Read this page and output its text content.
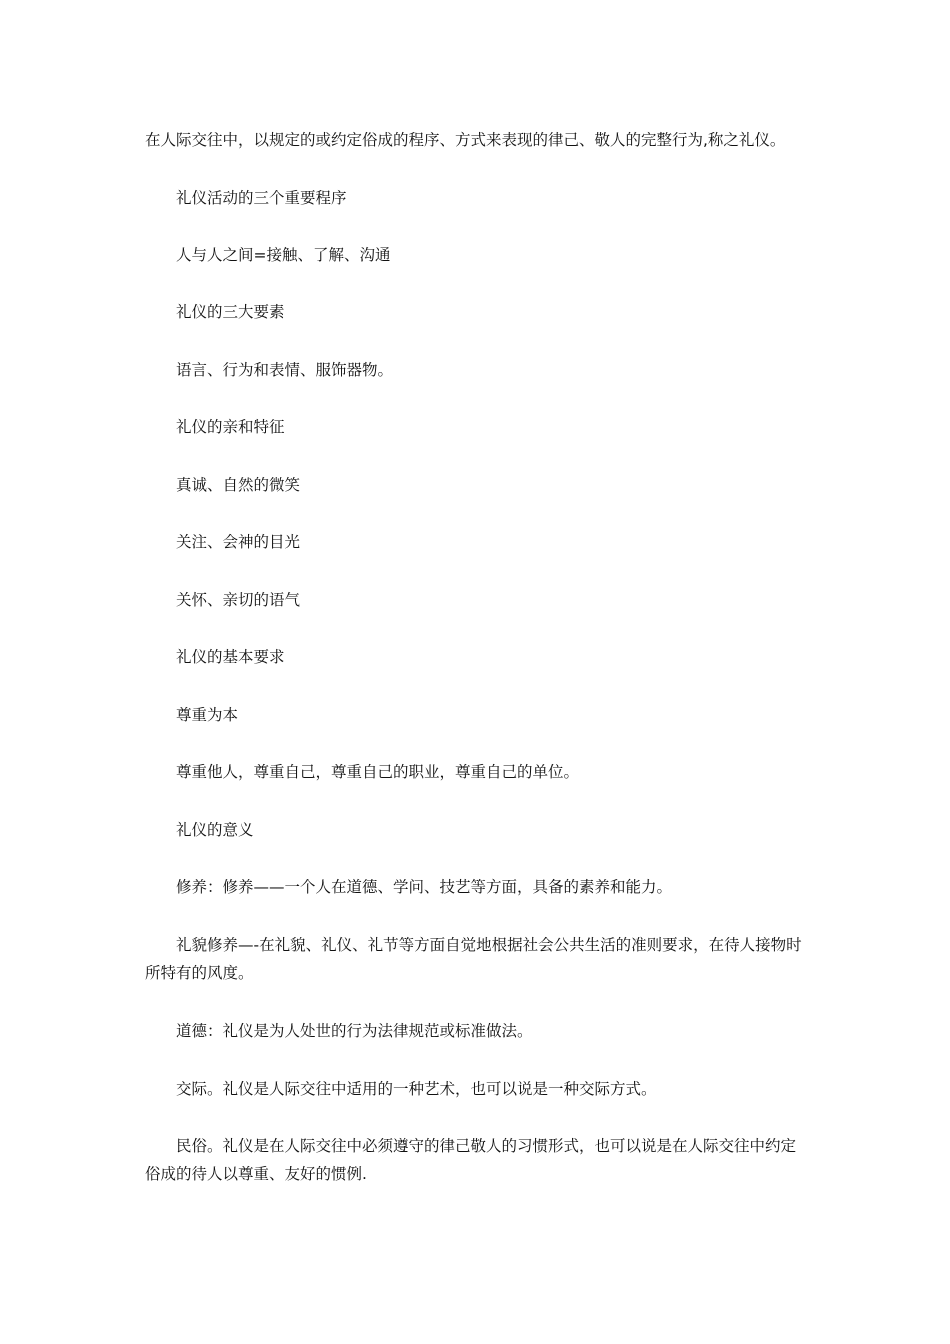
在人际交往中，以规定的或约定俗成的程序、方式来表现的律己、敬人的完整行为,称之礼仪。

礼仪活动的三个重要程序

人与人之间=接触、了解、沟通

礼仪的三大要素

语言、行为和表情、服饰器物。

礼仪的亲和特征

真诚、自然的微笑

关注、会神的目光

关怀、亲切的语气

礼仪的基本要求

尊重为本

尊重他人，尊重自己，尊重自己的职业，尊重自己的单位。

礼仪的意义

修养：修养——一个人在道德、学问、技艺等方面，具备的素养和能力。

礼貌修养—-在礼貌、礼仪、礼节等方面自觉地根据社会公共生活的准则要求，在待人接物时所特有的风度。

道德：礼仪是为人处世的行为法律规范或标准做法。

交际。礼仪是人际交往中适用的一种艺术，也可以说是一种交际方式。

民俗。礼仪是在人际交往中必须遵守的律己敬人的习惯形式，也可以说是在人际交往中约定俗成的待人以尊重、友好的惯例.
